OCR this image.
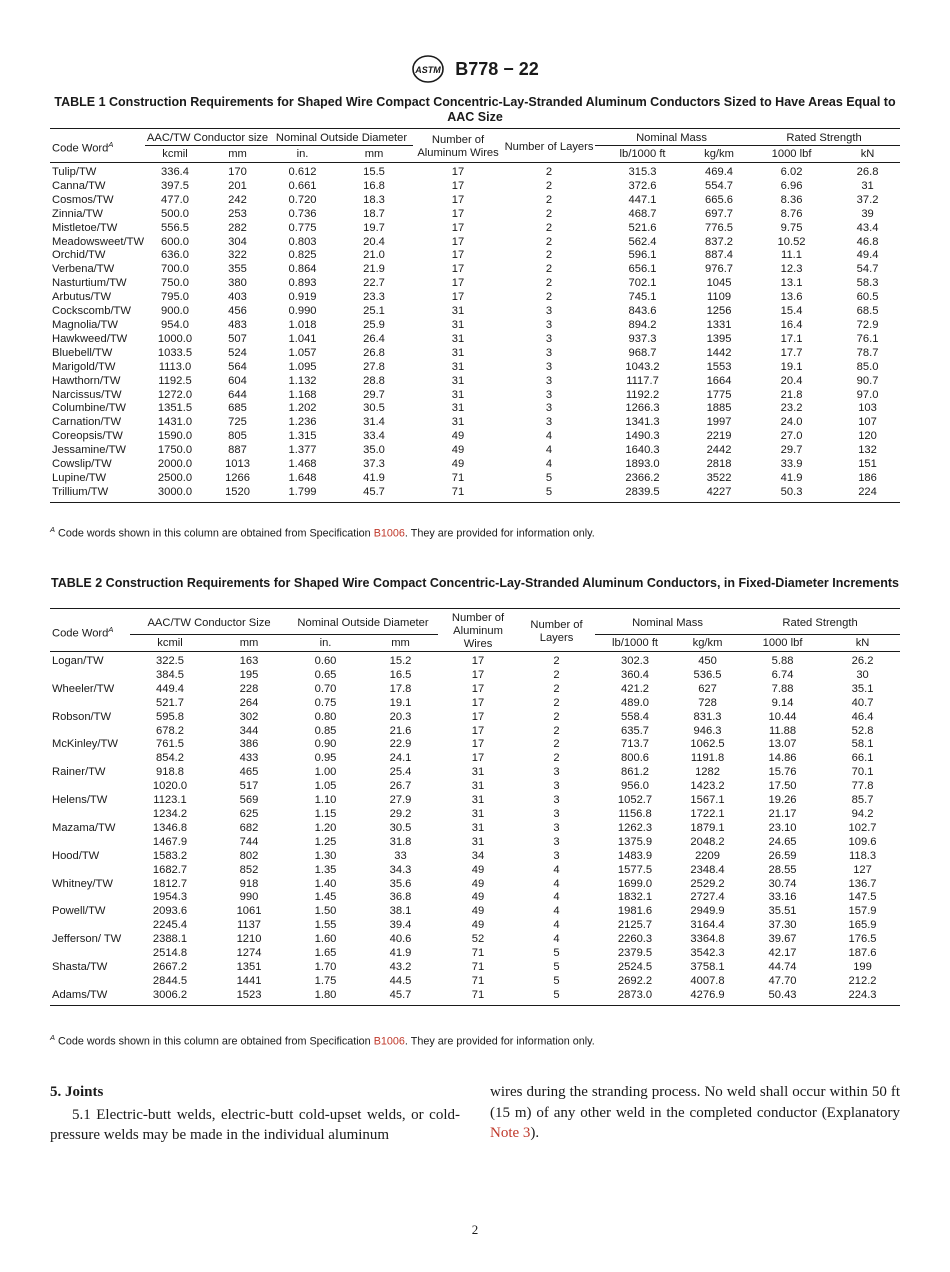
ASTM B778 − 22
TABLE 1 Construction Requirements for Shaped Wire Compact Concentric-Lay-Stranded Aluminum Conductors Sized to Have Areas Equal to AAC Size
Code Word$^A$	AAC/TW Conductor size		Nominal Outside Diameter		Number of Aluminum Wires	Number of Layers	Nominal Mass		Rated Strength	
	kcmil	mm	in.	mm			lb/1000 ft	kg/km	1000 lbf	kN
Tulip/TW	336.4	170	0.612	15.5	17	2	315.3	469.4	6.02	26.8
Canna/TW	397.5	201	0.661	16.8	17	2	372.6	554.7	6.96	31
Cosmos/TW	477.0	242	0.720	18.3	17	2	447.1	665.6	8.36	37.2
Zinnia/TW	500.0	253	0.736	18.7	17	2	468.7	697.7	8.76	39
Mistletoe/TW	556.5	282	0.775	19.7	17	2	521.6	776.5	9.75	43.4
Meadowsweet/TW	600.0	304	0.803	20.4	17	2	562.4	837.2	10.52	46.8
Orchid/TW	636.0	322	0.825	21.0	17	2	596.1	887.4	11.1	49.4
Verbena/TW	700.0	355	0.864	21.9	17	2	656.1	976.7	12.3	54.7
Nasturtium/TW	750.0	380	0.893	22.7	17	2	702.1	1045	13.1	58.3
Arbutus/TW	795.0	403	0.919	23.3	17	2	745.1	1109	13.6	60.5
Cockscomb/TW	900.0	456	0.990	25.1	31	3	843.6	1256	15.4	68.5
Magnolia/TW	954.0	483	1.018	25.9	31	3	894.2	1331	16.4	72.9
Hawkweed/TW	1000.0	507	1.041	26.4	31	3	937.3	1395	17.1	76.1
Bluebell/TW	1033.5	524	1.057	26.8	31	3	968.7	1442	17.7	78.7
Marigold/TW	1113.0	564	1.095	27.8	31	3	1043.2	1553	19.1	85.0
Hawthorn/TW	1192.5	604	1.132	28.8	31	3	1117.7	1664	20.4	90.7
Narcissus/TW	1272.0	644	1.168	29.7	31	3	1192.2	1775	21.8	97.0
Columbine/TW	1351.5	685	1.202	30.5	31	3	1266.3	1885	23.2	103
Carnation/TW	1431.0	725	1.236	31.4	31	3	1341.3	1997	24.0	107
Coreopsis/TW	1590.0	805	1.315	33.4	49	4	1490.3	2219	27.0	120
Jessamine/TW	1750.0	887	1.377	35.0	49	4	1640.3	2442	29.7	132
Cowslip/TW	2000.0	1013	1.468	37.3	49	4	1893.0	2818	33.9	151
Lupine/TW	2500.0	1266	1.648	41.9	71	5	2366.2	3522	41.9	186
Trillium/TW	3000.0	1520	1.799	45.7	71	5	2839.5	4227	50.3	224
$^A$ Code words shown in this column are obtained from Specification B1006. They are provided for information only.
TABLE 2 Construction Requirements for Shaped Wire Compact Concentric-Lay-Stranded Aluminum Conductors, in Fixed-Diameter Increments
Code Word$^A$	AAC/TW Conductor Size		Nominal Outside Diameter		Number of Aluminum Wires	Number of Layers	Nominal Mass		Rated Strength	
	kcmil	mm	in.	mm			lb/1000 ft	kg/km	1000 lbf	kN
Logan/TW	322.5	163	0.60	15.2	17	2	302.3	450	5.88	26.2
	384.5	195	0.65	16.5	17	2	360.4	536.5	6.74	30
Wheeler/TW	449.4	228	0.70	17.8	17	2	421.2	627	7.88	35.1
	521.7	264	0.75	19.1	17	2	489.0	728	9.14	40.7
Robson/TW	595.8	302	0.80	20.3	17	2	558.4	831.3	10.44	46.4
	678.2	344	0.85	21.6	17	2	635.7	946.3	11.88	52.8
McKinley/TW	761.5	386	0.90	22.9	17	2	713.7	1062.5	13.07	58.1
	854.2	433	0.95	24.1	17	2	800.6	1191.8	14.86	66.1
Rainer/TW	918.8	465	1.00	25.4	31	3	861.2	1282	15.76	70.1
	1020.0	517	1.05	26.7	31	3	956.0	1423.2	17.50	77.8
Helens/TW	1123.1	569	1.10	27.9	31	3	1052.7	1567.1	19.26	85.7
	1234.2	625	1.15	29.2	31	3	1156.8	1722.1	21.17	94.2
Mazama/TW	1346.8	682	1.20	30.5	31	3	1262.3	1879.1	23.10	102.7
	1467.9	744	1.25	31.8	31	3	1375.9	2048.2	24.65	109.6
Hood/TW	1583.2	802	1.30	33	34	3	1483.9	2209	26.59	118.3
	1682.7	852	1.35	34.3	49	4	1577.5	2348.4	28.55	127
Whitney/TW	1812.7	918	1.40	35.6	49	4	1699.0	2529.2	30.74	136.7
	1954.3	990	1.45	36.8	49	4	1832.1	2727.4	33.16	147.5
Powell/TW	2093.6	1061	1.50	38.1	49	4	1981.6	2949.9	35.51	157.9
	2245.4	1137	1.55	39.4	49	4	2125.7	3164.4	37.30	165.9
Jefferson/ TW	2388.1	1210	1.60	40.6	52	4	2260.3	3364.8	39.67	176.5
	2514.8	1274	1.65	41.9	71	5	2379.5	3542.3	42.17	187.6
Shasta/TW	2667.2	1351	1.70	43.2	71	5	2524.5	3758.1	44.74	199
	2844.5	1441	1.75	44.5	71	5	2692.2	4007.8	47.70	212.2
Adams/TW	3006.2	1523	1.80	45.7	71	5	2873.0	4276.9	50.43	224.3
$^A$ Code words shown in this column are obtained from Specification B1006. They are provided for information only.
5. Joints

5.1 Electric-butt welds, electric-butt cold-upset welds, or cold-pressure welds may be made in the individual aluminum

wires during the stranding process. No weld shall occur within 50 ft (15 m) of any other weld in the completed conductor (Explanatory Note 3).

2
